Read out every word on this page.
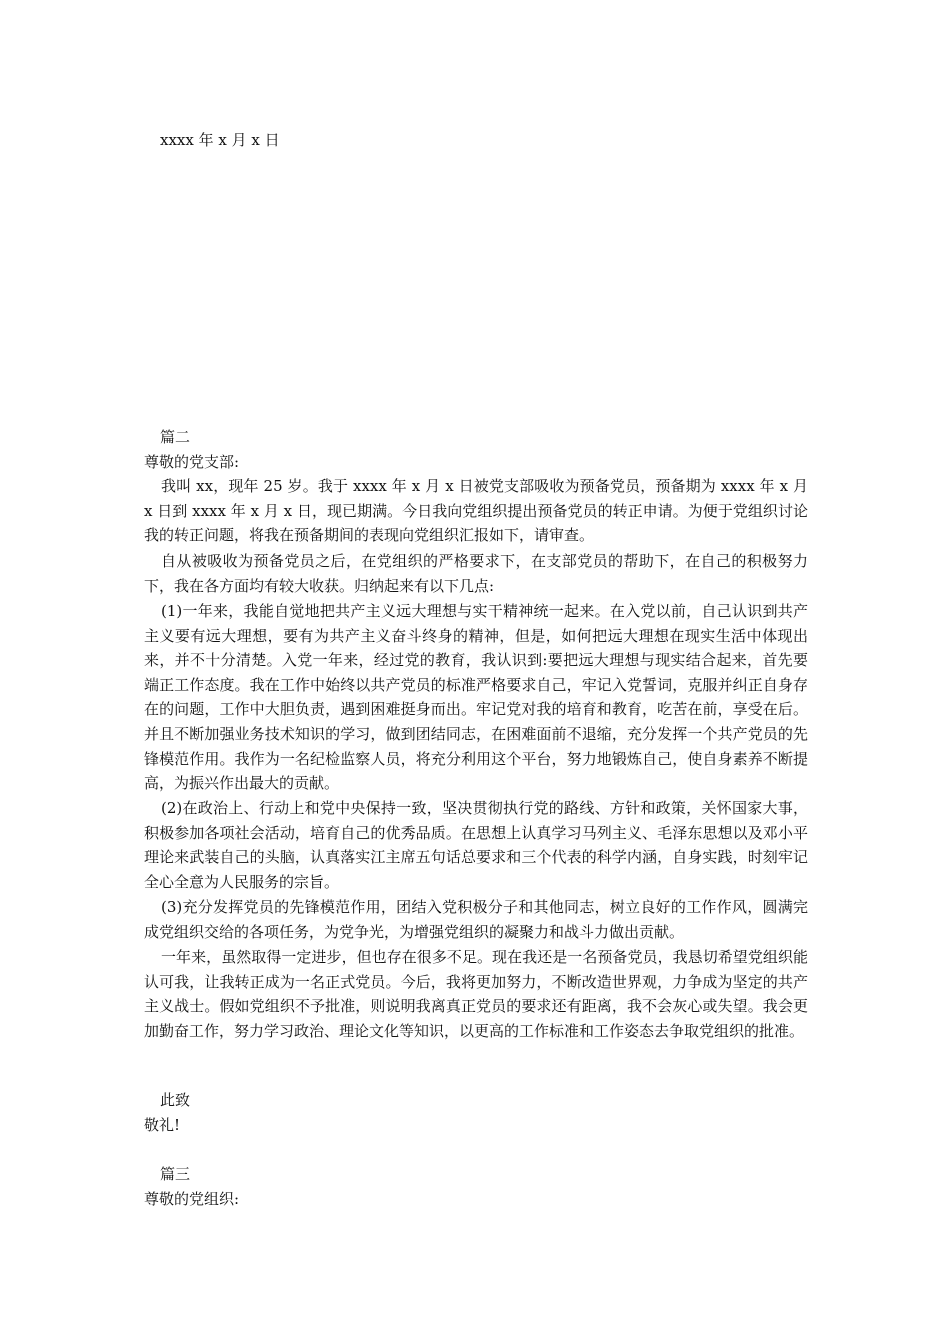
xxxx 年 x 月 x 日
篇二
尊敬的党支部:
我叫 xx，现年 25 岁。我于 xxxx 年 x 月 x 日被党支部吸收为预备党员，预备期为 xxxx 年 x 月 x 日到 xxxx 年 x 月 x 日，现已期满。今日我向党组织提出预备党员的转正申请。为便于党组织讨论我的转正问题，将我在预备期间的表现向党组织汇报如下，请审查。
自从被吸收为预备党员之后，在党组织的严格要求下，在支部党员的帮助下，在自己的积极努力下，我在各方面均有较大收获。归纳起来有以下几点:
(1)一年来，我能自觉地把共产主义远大理想与实干精神统一起来。在入党以前，自己认识到共产主义要有远大理想，要有为共产主义奋斗终身的精神，但是，如何把远大理想在现实生活中体现出来，并不十分清楚。入党一年来，经过党的教育，我认识到:要把远大理想与现实结合起来，首先要端正工作态度。我在工作中始终以共产党员的标准严格要求自己，牢记入党誓词，克服并纠正自身存在的问题，工作中大胆负责，遇到困难挺身而出。牢记党对我的培育和教育，吃苦在前，享受在后。并且不断加强业务技术知识的学习，做到团结同志，在困难面前不退缩，充分发挥一个共产党员的先锋模范作用。我作为一名纪检监察人员，将充分利用这个平台，努力地锻炼自己，使自身素养不断提高，为振兴作出最大的贡献。
(2)在政治上、行动上和党中央保持一致，坚决贯彻执行党的路线、方针和政策，关怀国家大事，积极参加各项社会活动，培育自己的优秀品质。在思想上认真学习马列主义、毛泽东思想以及邓小平理论来武装自己的头脑，认真落实江主席五句话总要求和三个代表的科学内涵，自身实践，时刻牢记全心全意为人民服务的宗旨。
(3)充分发挥党员的先锋模范作用，团结入党积极分子和其他同志，树立良好的工作作风，圆满完成党组织交给的各项任务，为党争光，为增强党组织的凝聚力和战斗力做出贡献。
一年来，虽然取得一定进步，但也存在很多不足。现在我还是一名预备党员，我恳切希望党组织能认可我，让我转正成为一名正式党员。今后，我将更加努力，不断改造世界观，力争成为坚定的共产主义战士。假如党组织不予批准，则说明我离真正党员的要求还有距离，我不会灰心或失望。我会更加勤奋工作，努力学习政治、理论文化等知识，以更高的工作标准和工作姿态去争取党组织的批准。
此致
敬礼!
篇三
尊敬的党组织:
